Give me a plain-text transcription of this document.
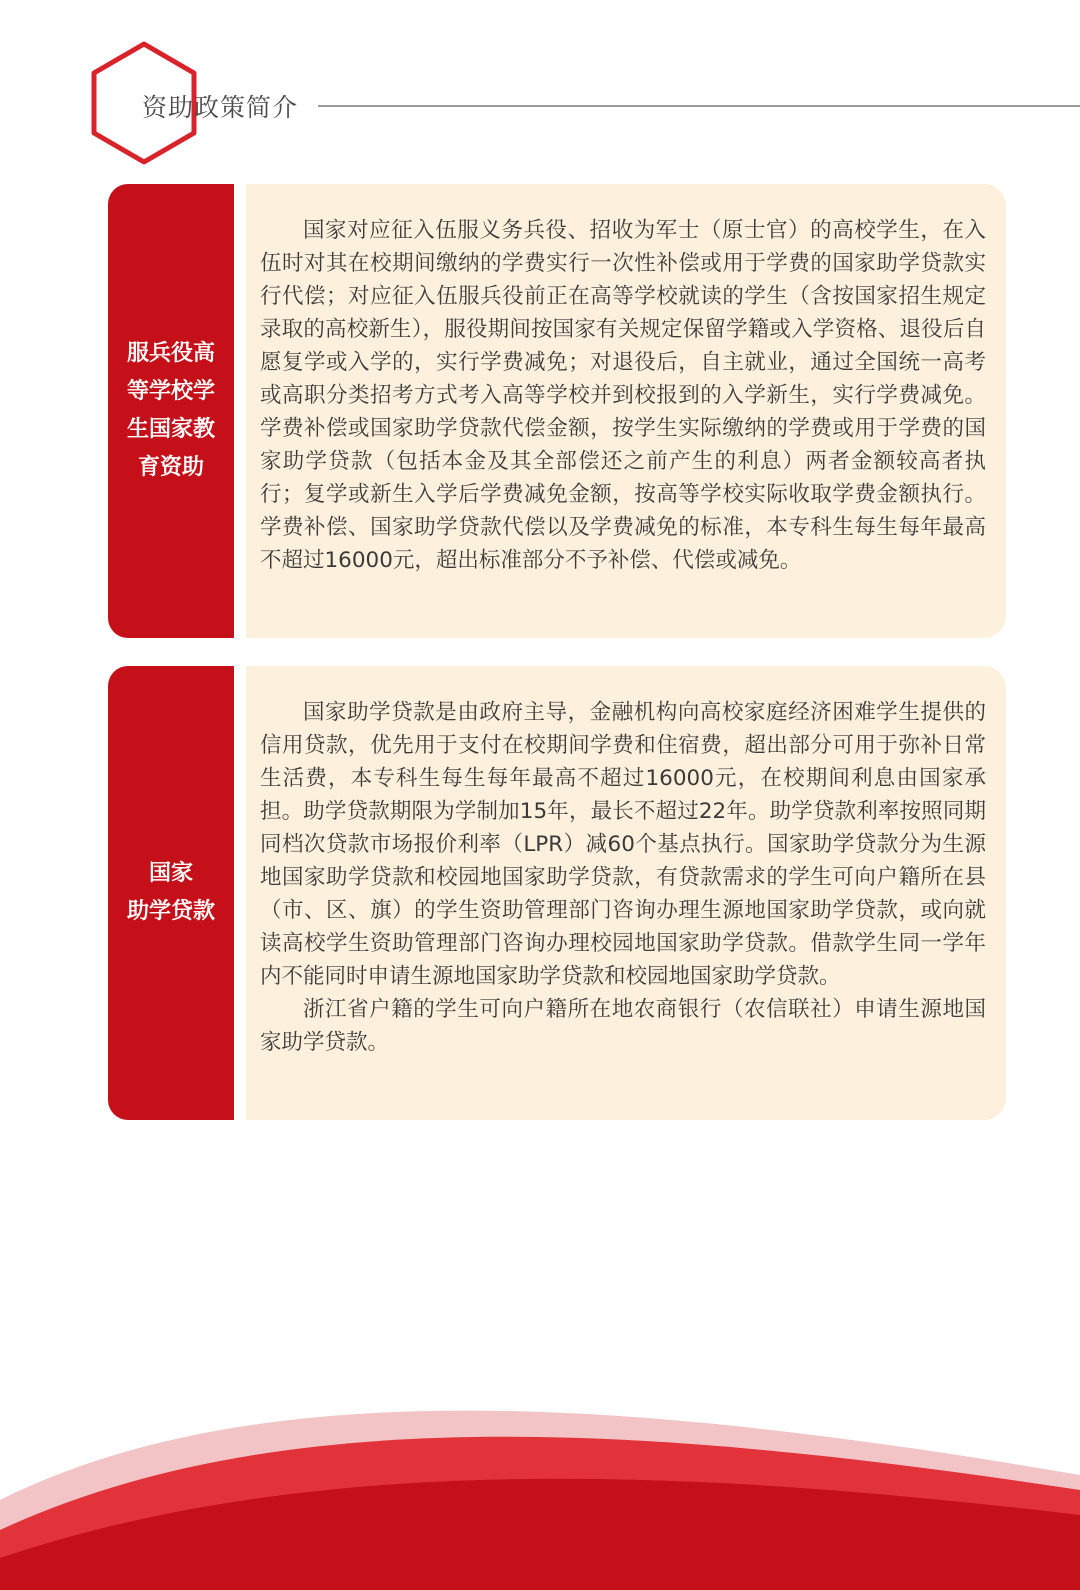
资助政策简介
服兵役高等学校学生国家教育资助

国家对应征入伍服义务兵役、招收为军士（原士官）的高校学生，在入伍时对其在校期间缴纳的学费实行一次性补偿或用于学费的国家助学贷款实行代偿；对应征入伍服兵役前正在高等学校就读的学生（含按国家招生规定录取的高校新生），服役期间按国家有关规定保留学籍或入学资格、退役后自愿复学或入学的，实行学费减免；对退役后，自主就业，通过全国统一高考或高职分类招考方式考入高等学校并到校报到的入学新生，实行学费减免。学费补偿或国家助学贷款代偿金额，按学生实际缴纳的学费或用于学费的国家助学贷款（包括本金及其全部偿还之前产生的利息）两者金额较高者执行；复学或新生入学后学费减免金额，按高等学校实际收取学费金额执行。学费补偿、国家助学贷款代偿以及学费减免的标准，本专科生每生每年最高不超过16000元，超出标准部分不予补偿、代偿或减免。

国家
助学贷款

国家助学贷款是由政府主导，金融机构向高校家庭经济困难学生提供的信用贷款，优先用于支付在校期间学费和住宿费，超出部分可用于弥补日常生活费，本专科生每生每年最高不超过16000元，在校期间利息由国家承担。助学贷款期限为学制加15年，最长不超过22年。助学贷款利率按照同期同档次贷款市场报价利率（LPR）减60个基点执行。国家助学贷款分为生源地国家助学贷款和校园地国家助学贷款，有贷款需求的学生可向户籍所在县（市、区、旗）的学生资助管理部门咨询办理生源地国家助学贷款，或向就读高校学生资助管理部门咨询办理校园地国家助学贷款。借款学生同一学年内不能同时申请生源地国家助学贷款和校园地国家助学贷款。

浙江省户籍的学生可向户籍所在地农商银行（农信联社）申请生源地国家助学贷款。
